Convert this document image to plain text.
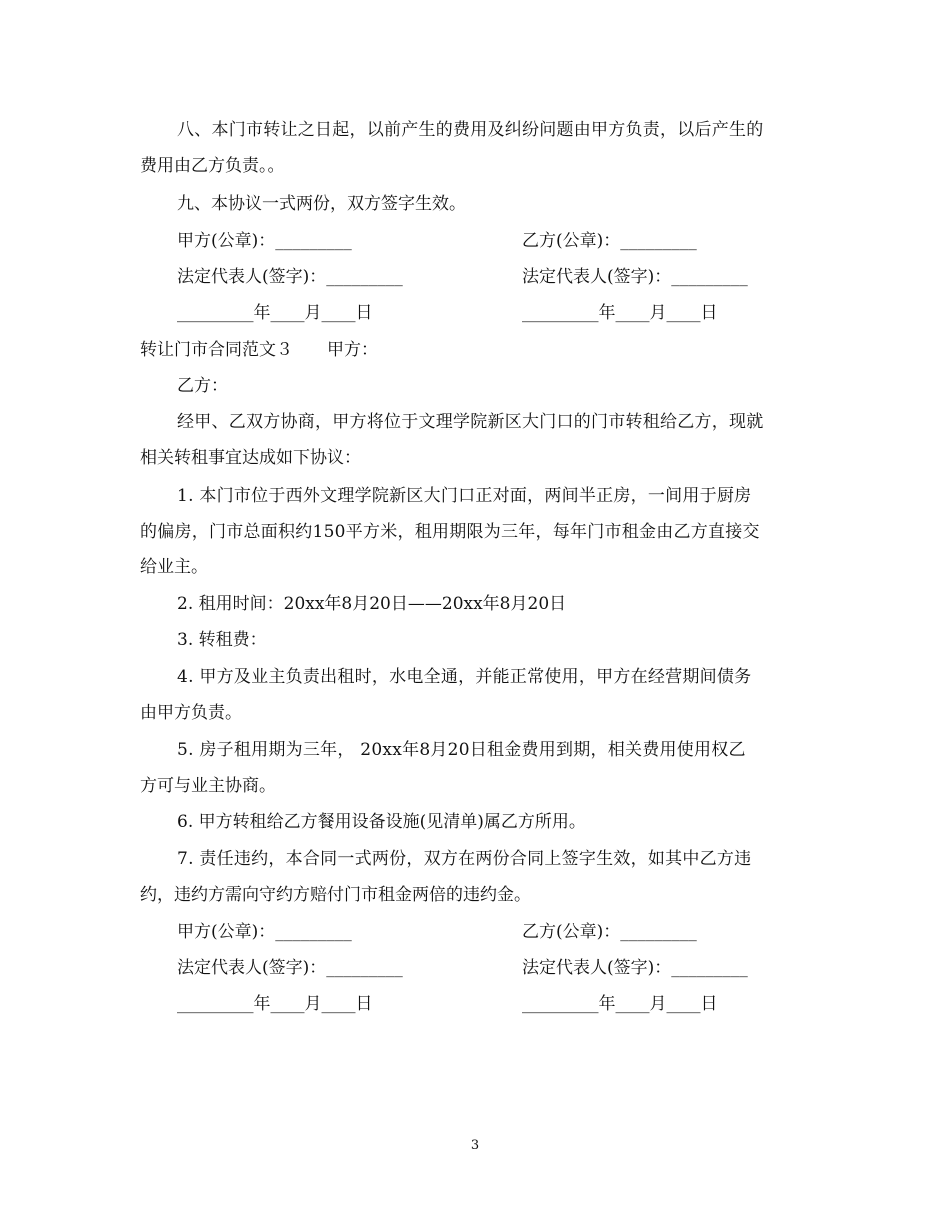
八、本门市转让之日起，以前产生的费用及纠纷问题由甲方负责，以后产生的
费用由乙方负责。。
九、本协议一式两份，双方签字生效。
甲方(公章)：_________	乙方(公章)：_________
法定代表人(签字)：_________	法定代表人(签字)：_________
_________年____月____日	_________年____月____日
转让门市合同范文３　　甲方：
乙方：
经甲、乙双方协商，甲方将位于文理学院新区大门口的门市转租给乙方，现就
相关转租事宜达成如下协议：
1. 本门市位于西外文理学院新区大门口正对面，两间半正房，一间用于厨房
的偏房，门市总面积约150平方米，租用期限为三年，每年门市租金由乙方直接交
给业主。
2. 租用时间：20xx年8月20日——20xx年8月20日
3. 转租费：
4. 甲方及业主负责出租时，水电全通，并能正常使用，甲方在经营期间债务
由甲方负责。
5. 房子租用期为三年， 20xx年8月20日租金费用到期，相关费用使用权乙
方可与业主协商。
6. 甲方转租给乙方餐用设备设施(见清单)属乙方所用。
7. 责任违约，本合同一式两份，双方在两份合同上签字生效，如其中乙方违
约，违约方需向守约方赔付门市租金两倍的违约金。
甲方(公章)：_________	乙方(公章)：_________
法定代表人(签字)：_________	法定代表人(签字)：_________
_________年____月____日	_________年____月____日
3
